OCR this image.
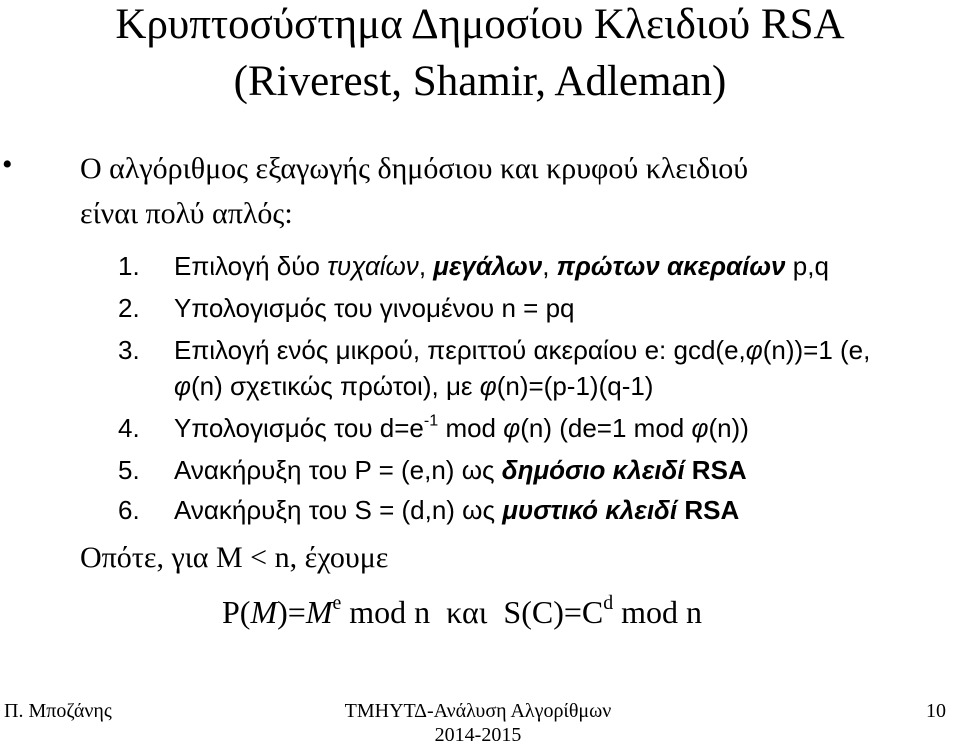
Κρυπτοσύστημα Δημοσίου Κλειδιού RSA
(Riverest, Shamir, Adleman)
• Ο αλγόριθμος εξαγωγής δημόσιου και κρυφού κλειδιού
είναι πολύ απλός:
1. Επιλογή δύο τυχαίων, μεγάλων, πρώτων ακεραίων p,q
2. Υπολογισμός του γινομένου n = pq
3. Επιλογή ενός μικρού, περιττού ακεραίου e: gcd(e,φ(n))=1 (e,
φ(n) σχετικώς πρώτοι), με φ(n)=(p-1)(q-1)
4. Υπολογισμός του $d=e^{-1}$ mod φ(n) (de=1 mod φ(n))
5. Ανακήρυξη του P = (e,n) ως δημόσιο κλειδί RSA
6. Ανακήρυξη του S = (d,n) ως μυστικό κλειδί RSA
Οπότε, για M < n, έχουμε
$P(M)=M^e$ mod n  και  $S(C)=C^d$ mod n
Π. Μποζάνης	ΤΜΗΥΤΔ-Ανάλυση Αλγορίθμων
2014-2015
10
